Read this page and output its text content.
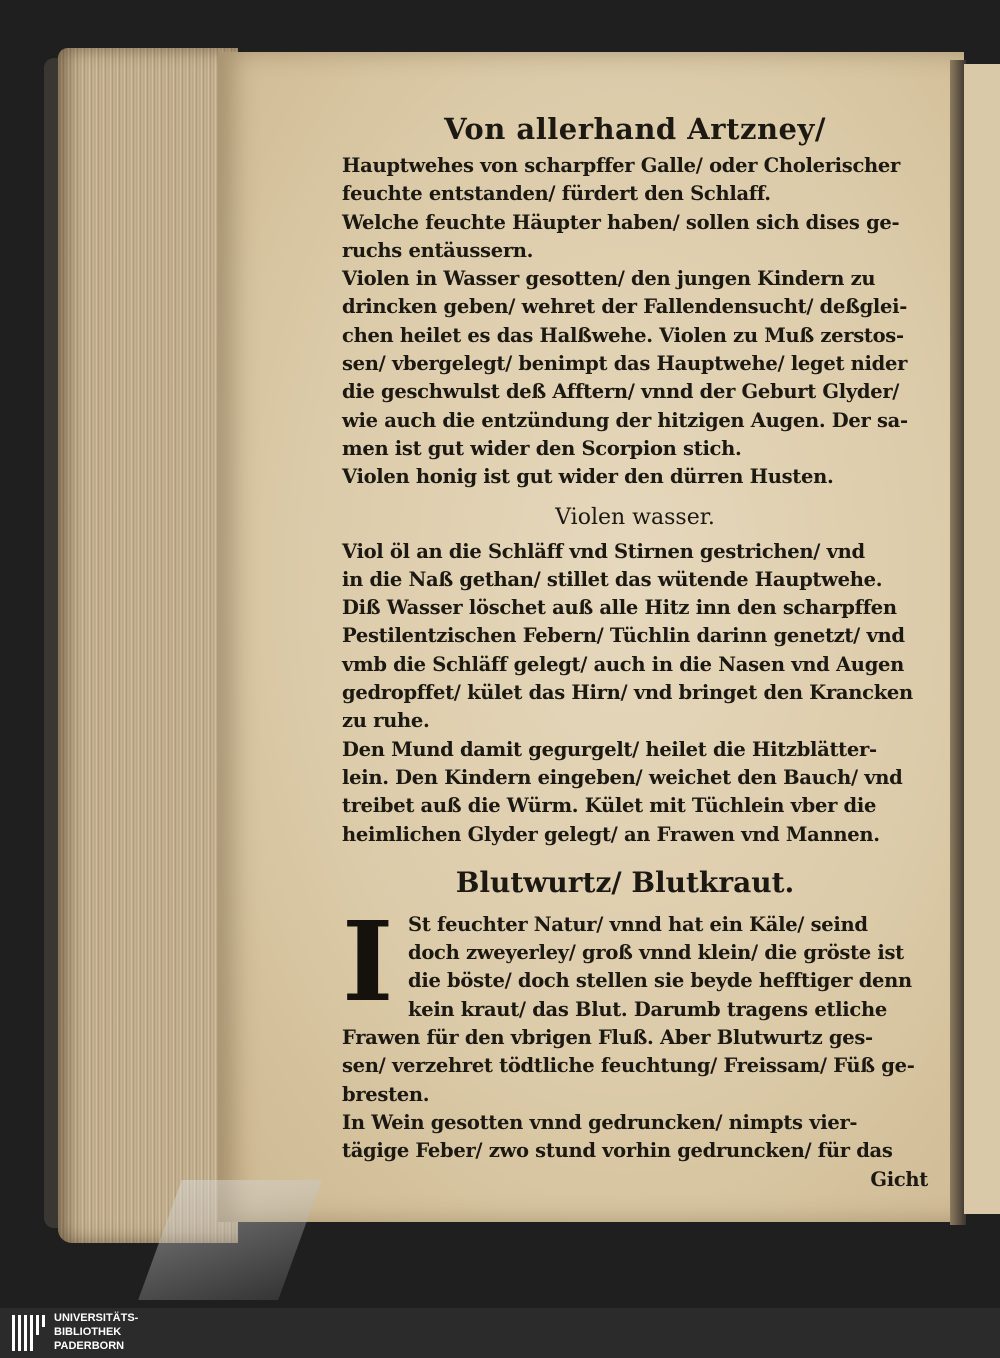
Von allerhand Artzney/
Hauptwehes von scharpffer Galle/ oder Cholerischer
feuchte entstanden/ fürdert den Schlaff.
Welche feuchte Häupter haben/ sollen sich dises ge-
ruchs entäussern.
Violen in Wasser gesotten/ den jungen Kindern zu
drincken geben/ wehret der Fallendensucht/ deßglei-
chen heilet es das Halßwehe. Violen zu Muß zerstos-
sen/ vbergelegt/ benimpt das Hauptwehe/ leget nider
die geschwulst deß Afftern/ vnnd der Geburt Glyder/
wie auch die entzündung der hitzigen Augen. Der sa-
men ist gut wider den Scorpion stich.
Violen honig ist gut wider den dürren Husten.
Violen wasser.
Viol öl an die Schläff vnd Stirnen gestrichen/ vnd
in die Naß gethan/ stillet das wütende Hauptwehe.
Diß Wasser löschet auß alle Hitz inn den scharpffen
Pestilentzischen Febern/ Tüchlin darinn genetzt/ vnd
vmb die Schläff gelegt/ auch in die Nasen vnd Augen
gedropffet/ kület das Hirn/ vnd bringet den Krancken
zu ruhe.
Den Mund damit gegurgelt/ heilet die Hitzblätter-
lein. Den Kindern eingeben/ weichet den Bauch/ vnd
treibet auß die Würm. Kület mit Tüchlein vber die
heimlichen Glyder gelegt/ an Frawen vnd Mannen.
Blutwurtz/ Blutkraut.
I St feuchter Natur/ vnnd hat ein Käle/ seind
doch zweyerley/ groß vnnd klein/ die gröste ist
die böste/ doch stellen sie beyde hefftiger denn
kein kraut/ das Blut. Darumb tragens etliche
Frawen für den vbrigen Fluß. Aber Blutwurtz ges-
sen/ verzehret tödtliche feuchtung/ Freissam/ Füß ge-
bresten.
In Wein gesotten vnnd gedruncken/ nimpts vier-
tägige Feber/ zwo stund vorhin gedruncken/ für das
Gicht
UNIVERSITÄTS-
BIBLIOTHEK
PADERBORN
